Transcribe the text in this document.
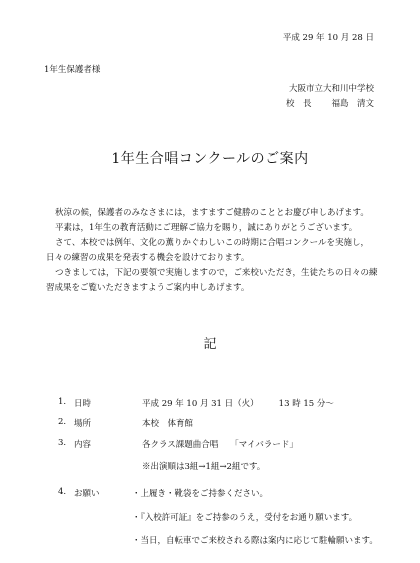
平成 29 年 10 月 28 日
1年生保護者様
大阪市立大和川中学校
校　長 福島　清文
1年生合唱コンクールのご案内

秋涼の候，保護者のみなさまには，ますますご健勝のこととお慶び申しあげます。

平素は，1年生の教育活動にご理解ご協力を賜り，誠にありがとうございます。

さて、本校では例年、文化の薫りかぐわしいこの時期に合唱コンクールを実施し，日々の練習の成果を発表する機会を設けております。

つきましては，下記の要領で実施しますので，ご来校いただき，生徒たちの日々の練習成果をご覧いただきますようご案内申しあげます。

記
1. 日時	平成 29 年 10 月 31 日（火） 13 時 15 分～
2. 場所	本校　体育館
3. 内容	各クラス課題曲合唱 「マイバラード」
※出演順は3組→1組→2組です。
4. お願い	・上履き・靴袋をご持参ください。
・『入校許可証』をご持参のうえ，受付をお通り願います。
・当日，自転車でご来校される際は案内に応じて駐輪願います。
